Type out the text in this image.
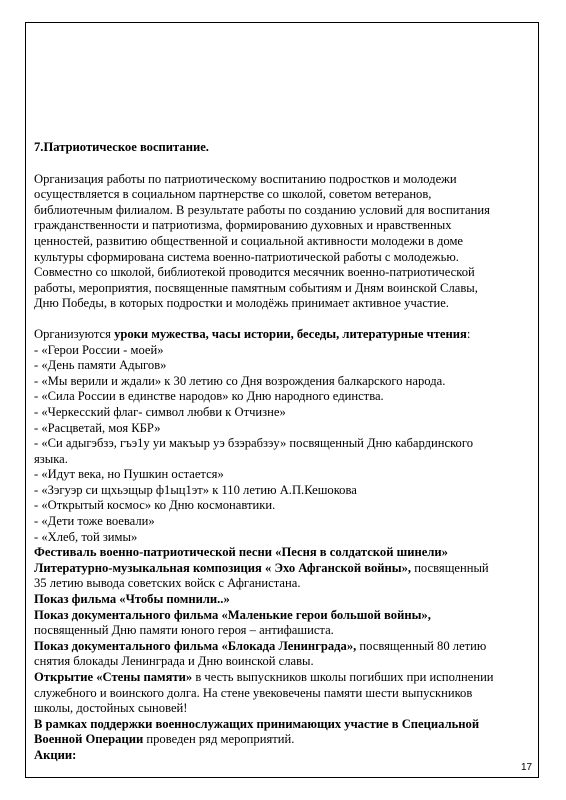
7.Патриотическое воспитание.

Организация работы по патриотическому воспитанию подростков и молодежи
осуществляется в социальном партнерстве со школой, советом ветеранов,
библиотечным филиалом. В результате работы по созданию условий для воспитания
гражданственности и патриотизма, формированию духовных и нравственных
ценностей, развитию общественной и социальной активности молодежи в доме
культуры сформирована система военно-патриотической работы с молодежью.
Совместно со школой, библиотекой проводится месячник военно-патриотической
работы, мероприятия, посвященные памятным событиям и Дням воинской Славы,
Дню Победы, в которых подростки и молодёжь принимает активное участие.
Организуются уроки мужества, часы истории, беседы, литературные чтения:
- «Герои России - моей»
- «День памяти Адыгов»
- «Мы верили и ждали» к 30 летию со Дня возрождения балкарского народа.
- «Сила России в единстве народов» ко Дню народного единства.
- «Черкесский флаг- символ любви к Отчизне»
- «Расцветай, моя КБР»
- «Си адыгэбзэ, гъэ1у уи макъыр уэ бзэрабзэу» посвященный Дню кабардинского
языка.
- «Идут века, но Пушкин остается»
- «Зэгуэр си щхьэщыр ф1ыц1эт» к 110 летию А.П.Кешокова
- «Открытый космос» ко Дню космонавтики.
- «Дети тоже воевали»
- «Хлеб, той зимы»
Фестиваль военно-патриотической песни «Песня в солдатской шинели»
Литературно-музыкальная композиция « Эхо Афганской войны», посвященный
35 летию вывода советских войск с Афганистана.
Показ фильма «Чтобы помнили..»
Показ документального фильма «Маленькие герои большой войны»,
посвященный Дню памяти юного героя – антифашиста.
Показ документального фильма «Блокада Ленинграда», посвященный 80 летию
снятия блокады Ленинграда и Дню воинской славы.
Открытие «Стены памяти» в честь выпускников школы погибших при исполнении
служебного и воинского долга. На стене увековечены памяти шести выпускников
школы, достойных сыновей!
В рамках поддержки военнослужащих принимающих участие в Специальной
Военной Операции проведен ряд мероприятий.
Акции:
17
